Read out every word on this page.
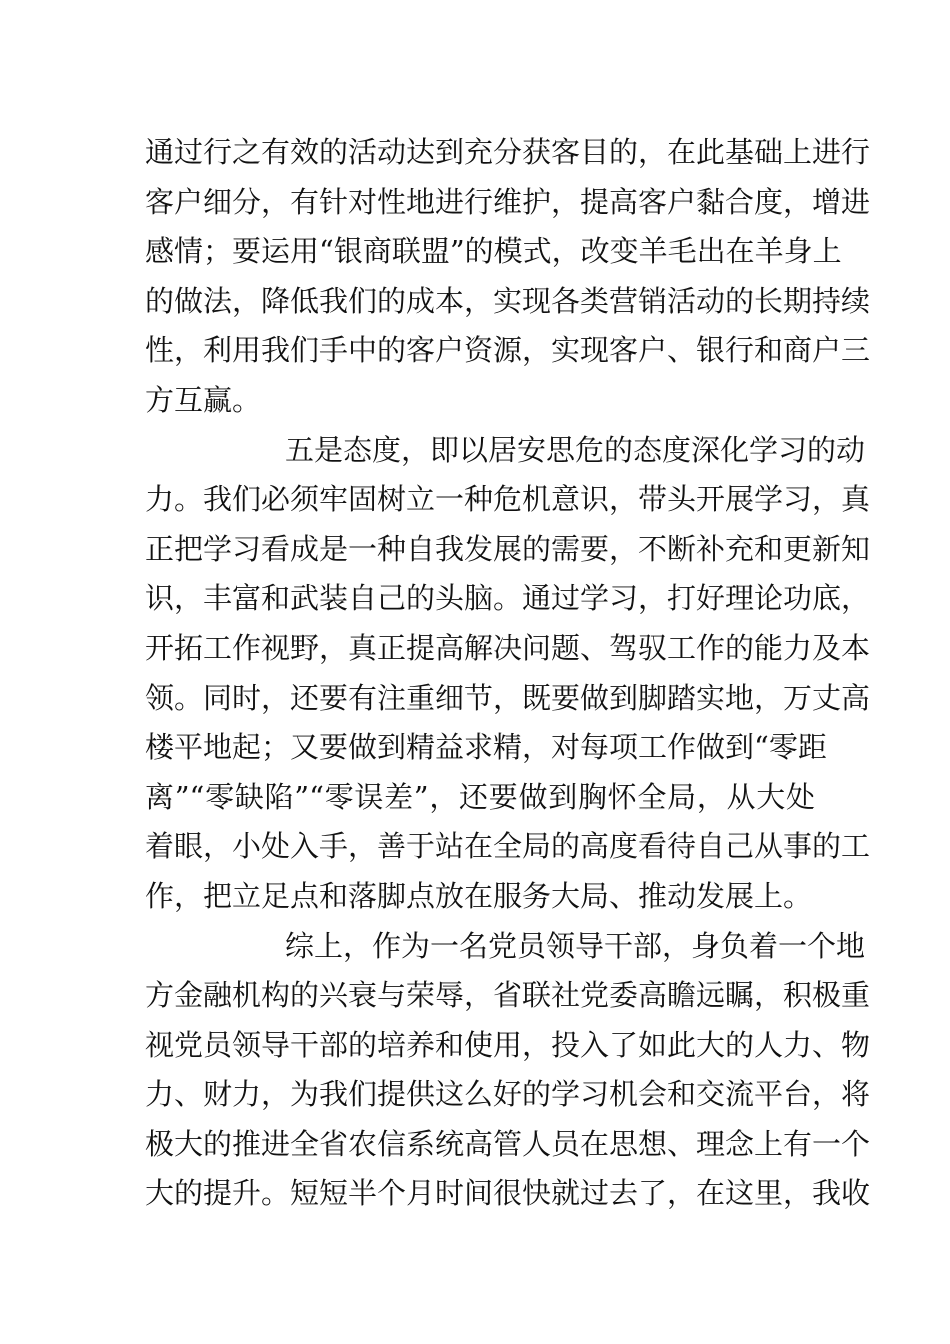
通过行之有效的活动达到充分获客目的，在此基础上进行
客户细分，有针对性地进行维护，提高客户黏合度，增进
感情；要运用“银商联盟”的模式，改变羊毛出在羊身上
的做法，降低我们的成本，实现各类营销活动的长期持续
性，利用我们手中的客户资源，实现客户、银行和商户三
方互赢。
五是态度，即以居安思危的态度深化学习的动
力。我们必须牢固树立一种危机意识，带头开展学习，真
正把学习看成是一种自我发展的需要，不断补充和更新知
识，丰富和武装自己的头脑。通过学习，打好理论功底，
开拓工作视野，真正提高解决问题、驾驭工作的能力及本
领。同时，还要有注重细节，既要做到脚踏实地，万丈高
楼平地起；又要做到精益求精，对每项工作做到“零距
离”“零缺陷”“零误差”，还要做到胸怀全局，从大处
着眼，小处入手，善于站在全局的高度看待自己从事的工
作，把立足点和落脚点放在服务大局、推动发展上。
综上，作为一名党员领导干部，身负着一个地
方金融机构的兴衰与荣辱，省联社党委高瞻远瞩，积极重
视党员领导干部的培养和使用，投入了如此大的人力、物
力、财力，为我们提供这么好的学习机会和交流平台，将
极大的推进全省农信系统高管人员在思想、理念上有一个
大的提升。短短半个月时间很快就过去了，在这里，我收
